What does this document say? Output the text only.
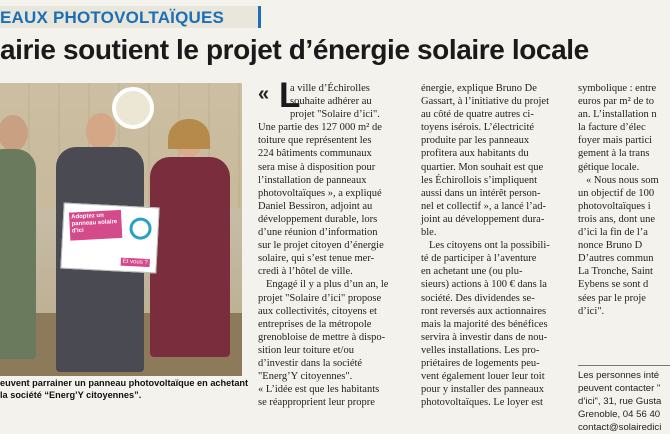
EAUX PHOTOVOLTAÏQUES
airie soutient le projet d’énergie solaire locale
Adoptez un panneau solaire d'ici
Et vous ?
euvent parrainer un panneau photovoltaïque en achetant
la société “Energ’Y citoyennes”.
« L
a ville d’Échirolles
souhaite adhérer au
projet "Solaire d’ici".
Une partie des 127 000 m² de
toiture que représentent les
224 bâtiments communaux
sera mise à disposition pour
l’installation de panneaux
photovoltaïques », a expliqué
Daniel Bessiron, adjoint au
développement durable, lors
d’une réunion d’information
sur le projet citoyen d’énergie
solaire, qui s’est tenue mer-
credi à l’hôtel de ville.
Engagé il y a plus d’un an, le
projet "Solaire d’ici" propose
aux collectivités, citoyens et
entreprises de la métropole
grenobloise de mettre à dispo-
sition leur toiture et/ou
d’investir dans la société
"Energ’Y citoyennes".
« L’idée est que les habitants
se réapproprient leur propre
énergie, explique Bruno De
Gassart, à l’initiative du projet
au côté de quatre autres ci-
toyens isérois. L’électricité
produite par les panneaux
profitera aux habitants du
quartier. Mon souhait est que
les Échirollois s’impliquent
aussi dans un intérêt person-
nel et collectif », a lancé l’ad-
joint au développement dura-
ble.
Les citoyens ont la possibili-
té de participer à l’aventure
en achetant une (ou plu-
sieurs) actions à 100 € dans la
société. Des dividendes se-
ront reversés aux actionnaires
mais la majorité des bénéfices
servira à investir dans de nou-
velles installations. Les pro-
priétaires de logements peu-
vent également louer leur toit
pour y installer des panneaux
photovoltaïques. Le loyer est
symbolique : entre
euros par m² de to
an. L’installation n
la facture d’élec
foyer mais partici
gement à la trans
gétique locale.
« Nous nous som
un objectif de 100
photovoltaïques i
trois ans, dont une
d’ici la fin de l’a
nonce Bruno D
D’autres commun
La Tronche, Saint
Eybens se sont d
sées par le proje
d’ici".
Les personnes inté
peuvent contacter "
d’ici", 31, rue Gusta
Grenoble, 04 56 40
contact@solairedici
